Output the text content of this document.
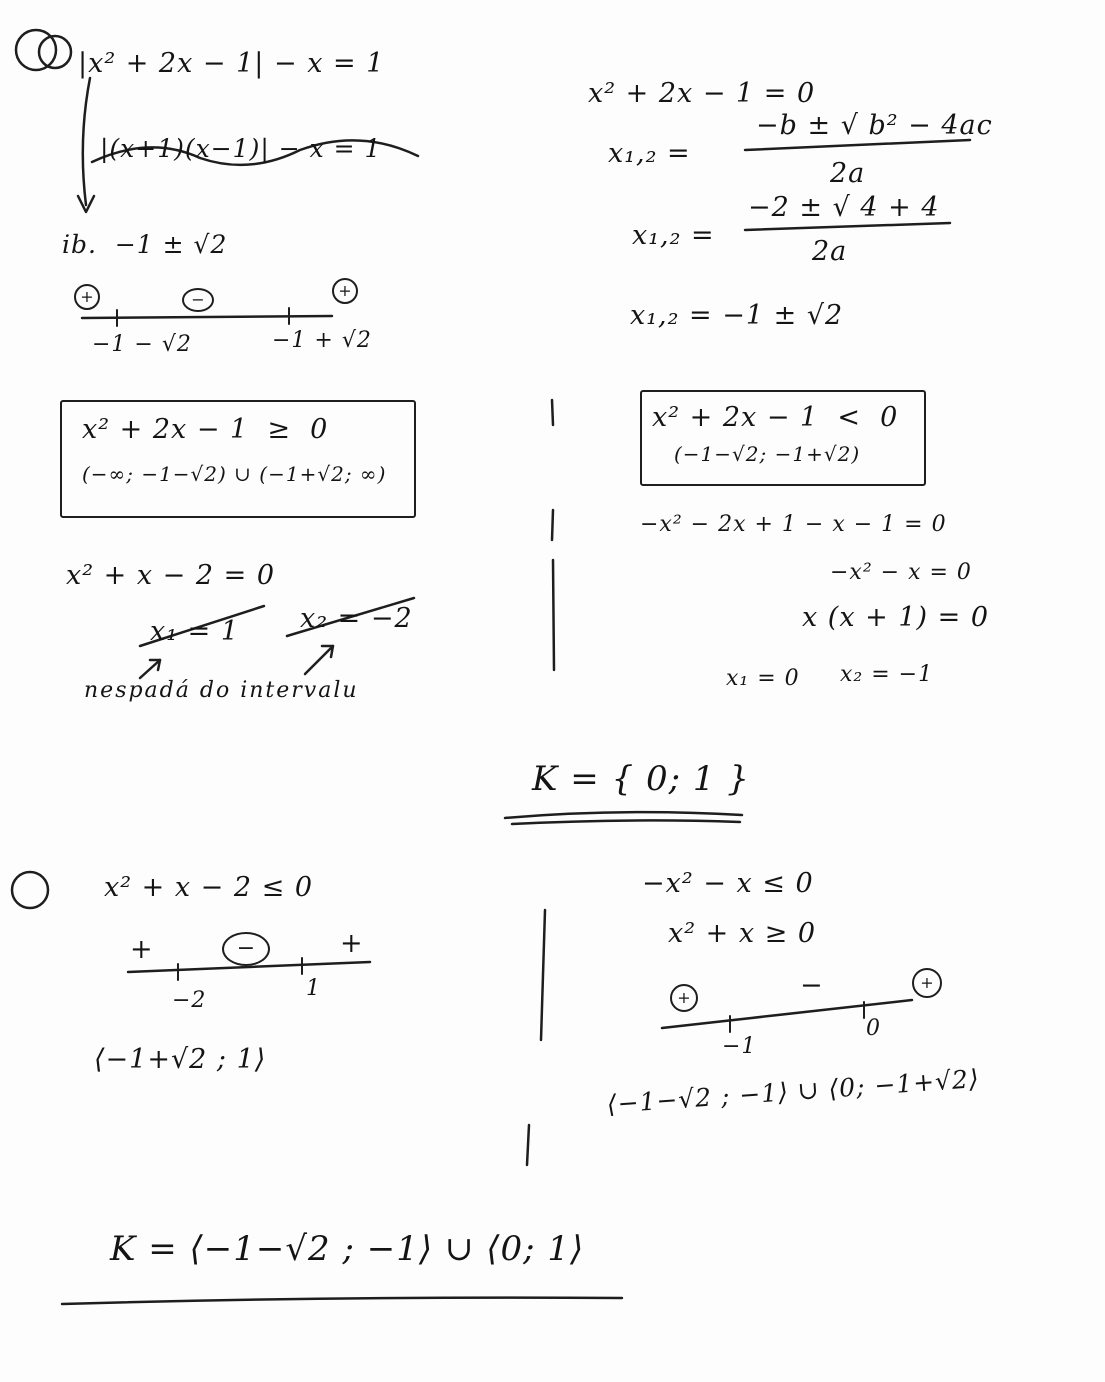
|x² + 2x − 1| − x = 1
|(x+1)(x−1)| − x = 1
ib.  −1 ± √2
+	−	+
−1 − √2	−1 + √2
x² + 2x − 1  ≥  0
(−∞; −1−√2) ∪ (−1+√2; ∞)
x² + x − 2 = 0
x₁ = 1 x₂ = −2
nespadá do intervalu
x² + 2x − 1 = 0
x₁,₂ =
−b ± √ b² − 4ac
2a
x₁,₂ =
−2 ± √ 4 + 4
2a
x₁,₂ = −1 ± √2
x² + 2x − 1  <  0
(−1−√2; −1+√2)
−x² − 2x + 1 − x − 1 = 0
−x² − x = 0
x (x + 1) = 0
x₁ = 0 x₂ = −1
K = { 0; 1 }
x² + x − 2 ≤ 0
+	−	+
−2	1
⟨−1+√2 ; 1⟩
−x² − x ≤ 0
x² + x ≥ 0
+	−	+
−1
0
⟨−1−√2 ; −1⟩ ∪ ⟨0; −1+√2⟩
K = ⟨−1−√2 ; −1⟩ ∪ ⟨0; 1⟩
